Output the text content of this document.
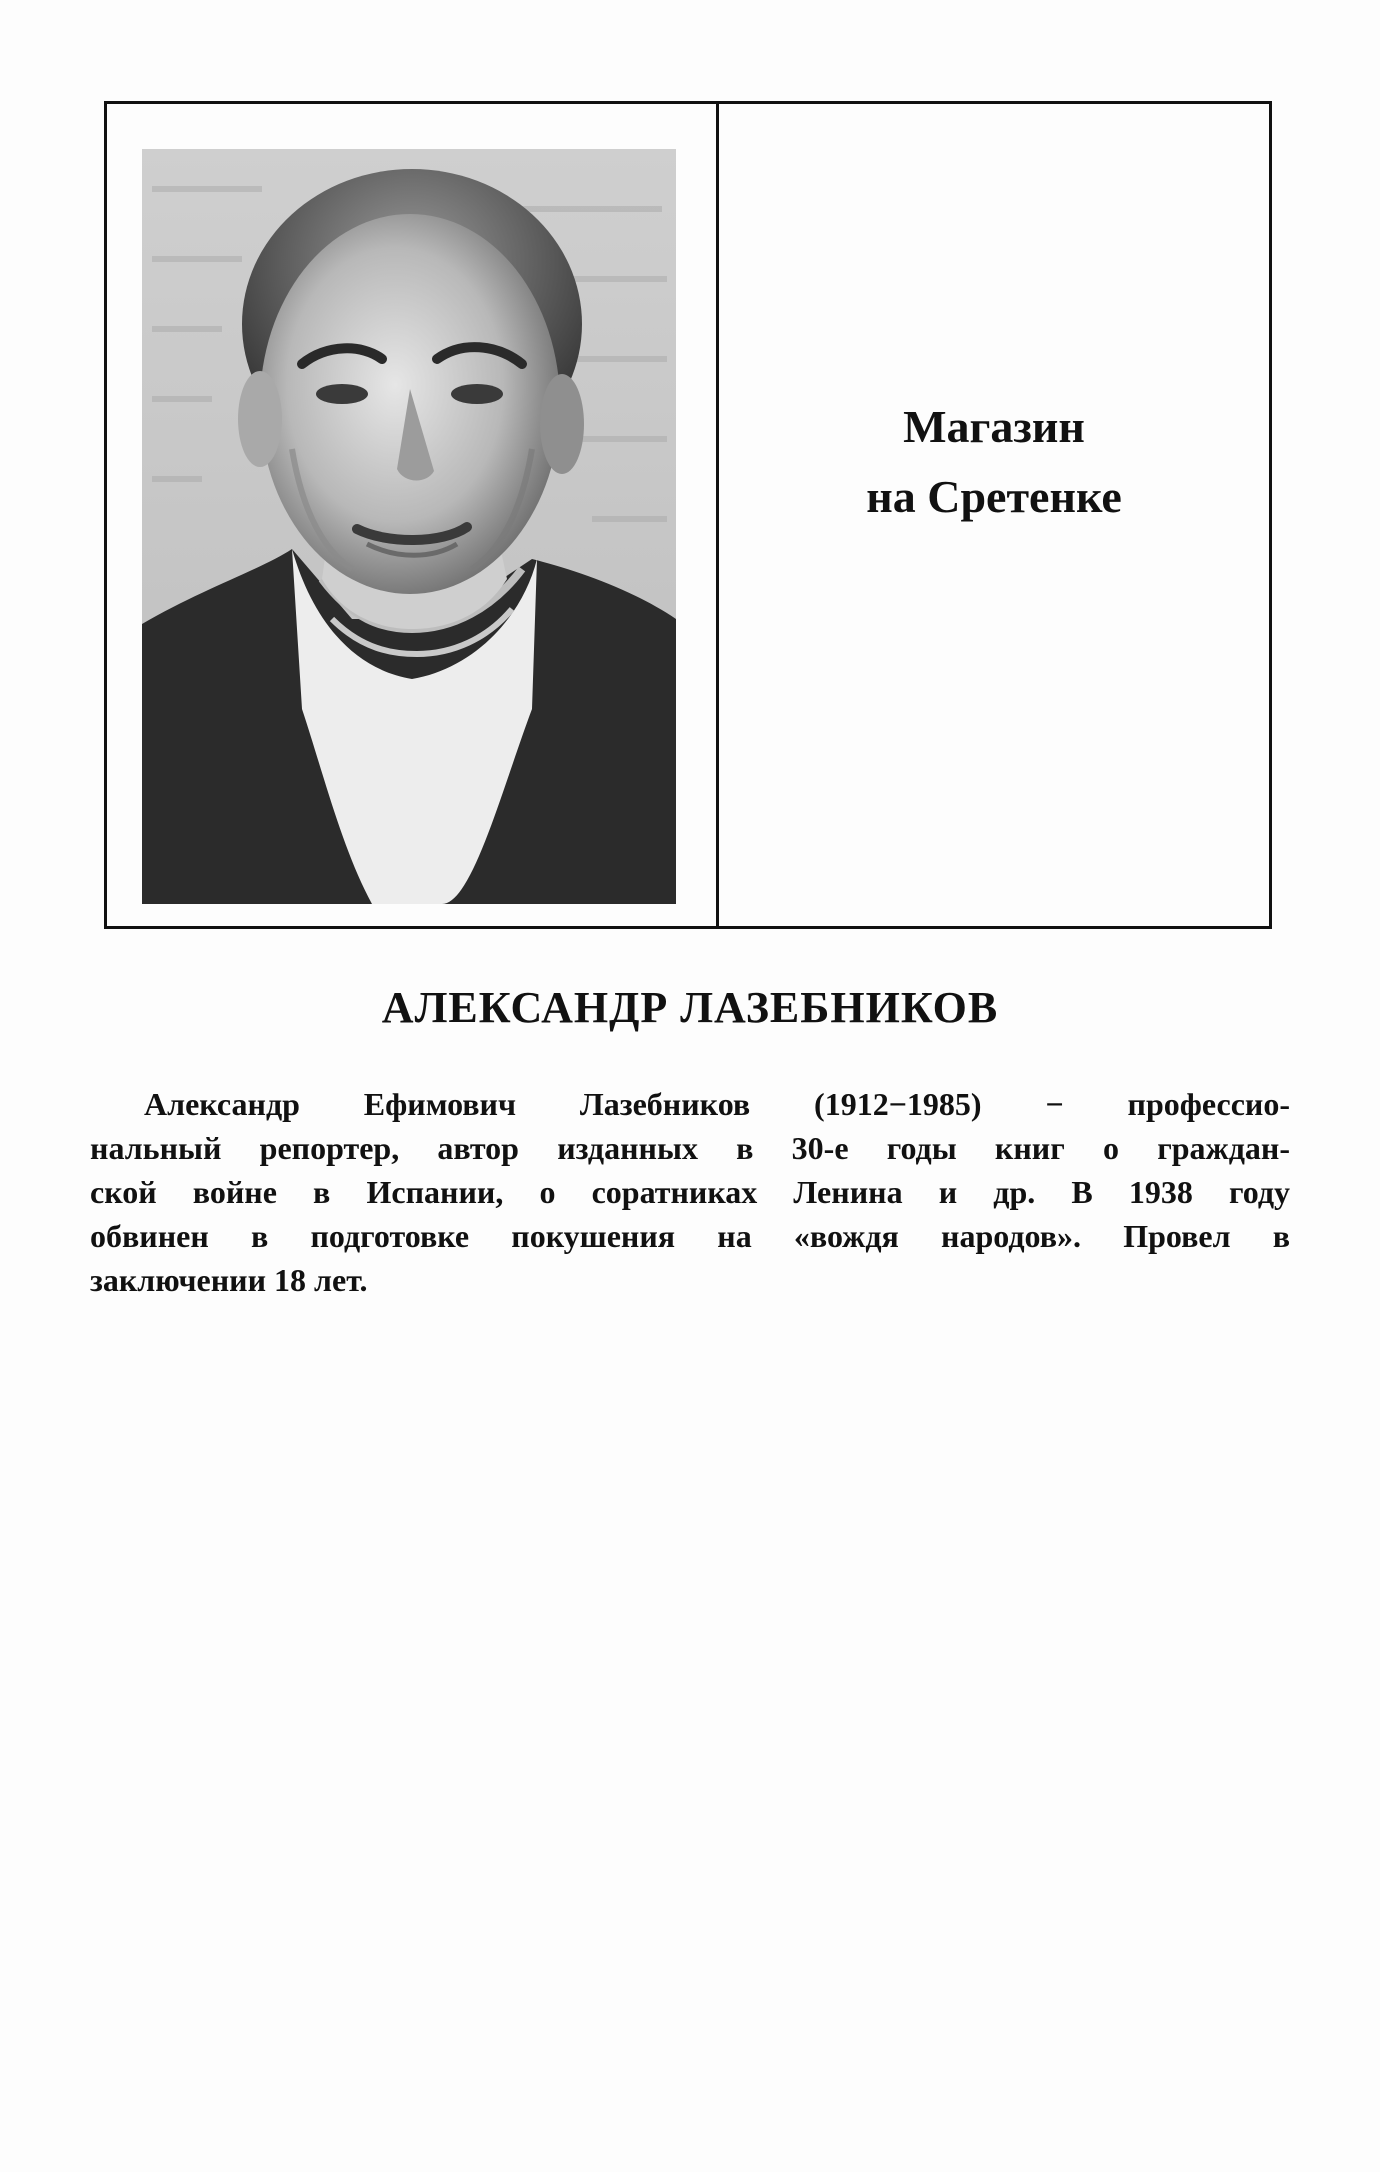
Магазин
на Сретенке
АЛЕКСАНДР ЛАЗЕБНИКОВ
Александр Ефимович Лазебников (1912−1985) − профессио-
нальный репортер, автор изданных в 30-е годы книг о граждан-
ской войне в Испании, о соратниках Ленина и др. В 1938 году
обвинен в подготовке покушения на «вождя народов». Провел в
заключении 18 лет.
